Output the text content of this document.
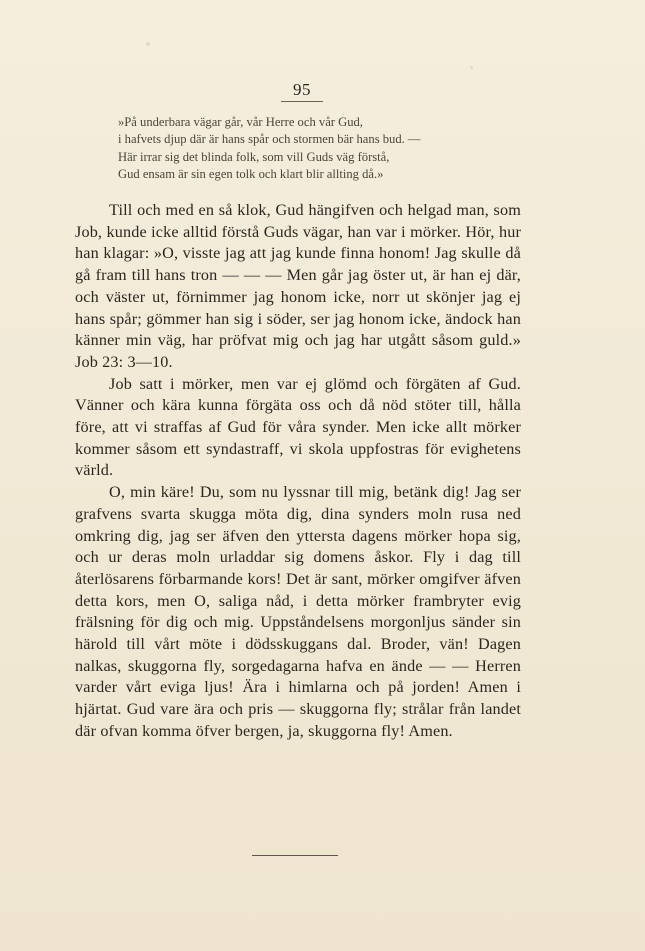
95
»På underbara vägar går, vår Herre och vår Gud,
i hafvets djup där är hans spår och stormen bär hans bud. —
Här irrar sig det blinda folk, som vill Guds väg förstå,
Gud ensam är sin egen tolk och klart blir allting då.»

Till och med en så klok, Gud hängifven och helgad man, som Job, kunde icke alltid förstå Guds vägar, han var i mörker. Hör, hur han klagar: »O, visste jag att jag kunde finna honom! Jag skulle då gå fram till hans tron — — — Men går jag öster ut, är han ej där, och väster ut, förnimmer jag honom icke, norr ut skönjer jag ej hans spår; gömmer han sig i söder, ser jag honom icke, ändock han känner min väg, har pröfvat mig och jag har utgått såsom guld.» Job 23: 3—10.

Job satt i mörker, men var ej glömd och förgäten af Gud. Vänner och kära kunna förgäta oss och då nöd stöter till, hålla före, att vi straffas af Gud för våra synder. Men icke allt mörker kommer såsom ett syndastraff, vi skola uppfostras för evighetens värld.

O, min käre! Du, som nu lyssnar till mig, betänk dig! Jag ser grafvens svarta skugga möta dig, dina synders moln rusa ned omkring dig, jag ser äfven den yttersta dagens mörker hopa sig, och ur deras moln urladdar sig domens åskor. Fly i dag till återlösarens förbarmande kors! Det är sant, mörker omgifver äfven detta kors, men O, saliga nåd, i detta mörker frambryter evig frälsning för dig och mig. Uppståndelsens morgonljus sänder sin härold till vårt möte i dödsskuggans dal. Broder, vän! Dagen nalkas, skuggorna fly, sorgedagarna hafva en ände — — Herren varder vårt eviga ljus! Ära i himlarna och på jorden! Amen i hjärtat. Gud vare ära och pris — skuggorna fly; strålar från landet där ofvan komma öfver bergen, ja, skuggorna fly! Amen.
